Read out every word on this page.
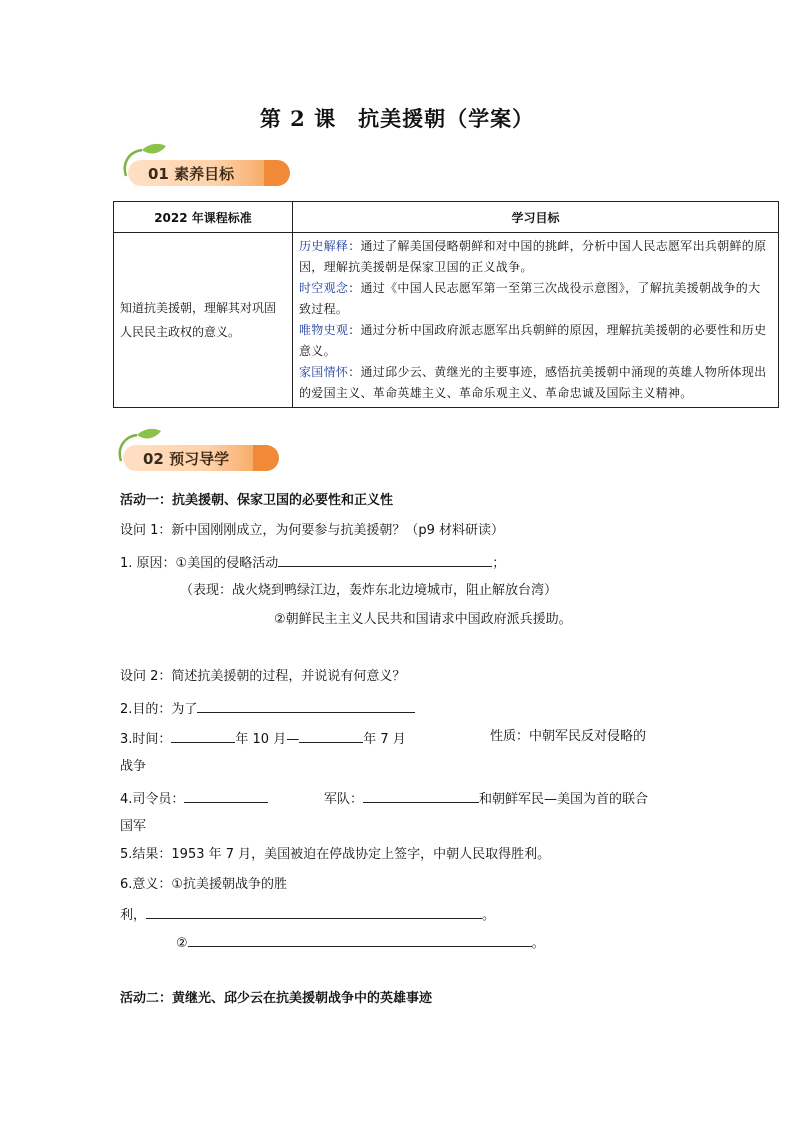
第 2 课 抗美援朝（学案）
01 素养目标
2022 年课程标准	学习目标
知道抗美援朝，理解其对巩固人民民主政权的意义。	历史解释：通过了解美国侵略朝鲜和对中国的挑衅，分析中国人民志愿军出兵朝鲜的原因，理解抗美援朝是保家卫国的正义战争。
时空观念：通过《中国人民志愿军第一至第三次战役示意图》，了解抗美援朝战争的大致过程。
唯物史观：通过分析中国政府派志愿军出兵朝鲜的原因，理解抗美援朝的必要性和历史意义。
家国情怀：通过邱少云、黄继光的主要事迹，感悟抗美援朝中涌现的英雄人物所体现出的爱国主义、革命英雄主义、革命乐观主义、革命忠诚及国际主义精神。
02 预习导学
活动一：抗美援朝、保家卫国的必要性和正义性
设问 1：新中国刚刚成立，为何要参与抗美援朝？（p9 材料研读）
1. 原因：①美国的侵略活动	；
（表现：战火烧到鸭绿江边，轰炸东北边境城市，阻止解放台湾）
②朝鲜民主主义人民共和国请求中国政府派兵援助。
设问 2：简述抗美援朝的过程，并说说有何意义？
2.目的：为了
3.时间：	年 10 月—	年 7 月	性质：中朝军民反对侵略的
战争
4.司令员：	军队：	和朝鲜军民—美国为首的联合
国军
5.结果：1953 年 7 月，美国被迫在停战协定上签字，中朝人民取得胜利。
6.意义：①抗美援朝战争的胜
利，	。
②	。
活动二：黄继光、邱少云在抗美援朝战争中的英雄事迹
